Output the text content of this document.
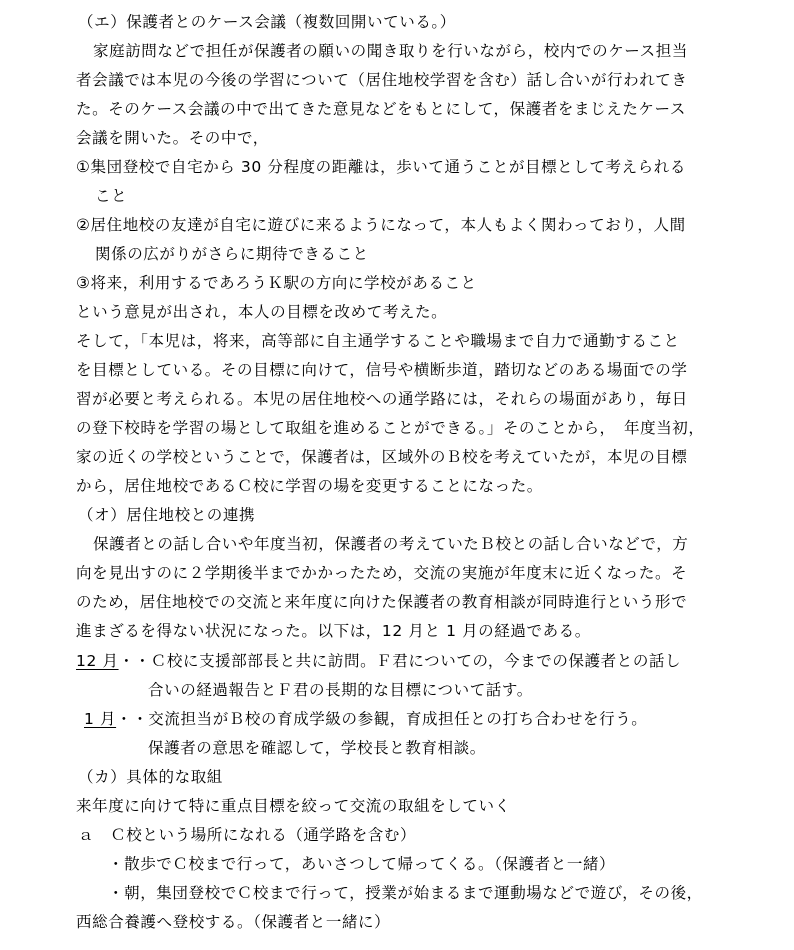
（エ）保護者とのケース会議（複数回開いている。）
家庭訪問などで担任が保護者の願いの聞き取りを行いながら，校内でのケース担当
者会議では本児の今後の学習について（居住地校学習を含む）話し合いが行われてき
た。そのケース会議の中で出てきた意見などをもとにして，保護者をまじえたケース
会議を開いた。その中で，
①集団登校で自宅から 30 分程度の距離は，歩いて通うことが目標として考えられる
こと
②居住地校の友達が自宅に遊びに来るようになって，本人もよく関わっており，人間
関係の広がりがさらに期待できること
③将来，利用するであろうＫ駅の方向に学校があること
という意見が出され，本人の目標を改めて考えた。
そして，「本児は，将来，高等部に自主通学することや職場まで自力で通勤すること
を目標としている。その目標に向けて，信号や横断歩道，踏切などのある場面での学
習が必要と考えられる。本児の居住地校への通学路には，それらの場面があり，毎日
の登下校時を学習の場として取組を進めることができる。」そのことから，　年度当初，
家の近くの学校ということで，保護者は，区域外のＢ校を考えていたが，本児の目標
から，居住地校であるＣ校に学習の場を変更することになった。
（オ）居住地校との連携
保護者との話し合いや年度当初，保護者の考えていたＢ校との話し合いなどで，方
向を見出すのに２学期後半までかかったため，交流の実施が年度末に近くなった。そ
のため，居住地校での交流と来年度に向けた保護者の教育相談が同時進行という形で
進まざるを得ない状況になった。以下は，12 月と 1 月の経過である。
12 月・・Ｃ校に支援部部長と共に訪問。Ｆ君についての，今までの保護者との話し
合いの経過報告とＦ君の長期的な目標について話す。
1 月・・交流担当がＢ校の育成学級の参観，育成担任との打ち合わせを行う。
保護者の意思を確認して，学校長と教育相談。
（カ）具体的な取組
来年度に向けて特に重点目標を絞って交流の取組をしていく
ａ　Ｃ校という場所になれる（通学路を含む）
・散歩でＣ校まで行って，あいさつして帰ってくる。（保護者と一緒）
・朝，集団登校でＣ校まで行って，授業が始まるまで運動場などで遊び，その後，
西総合養護へ登校する。（保護者と一緒に）
